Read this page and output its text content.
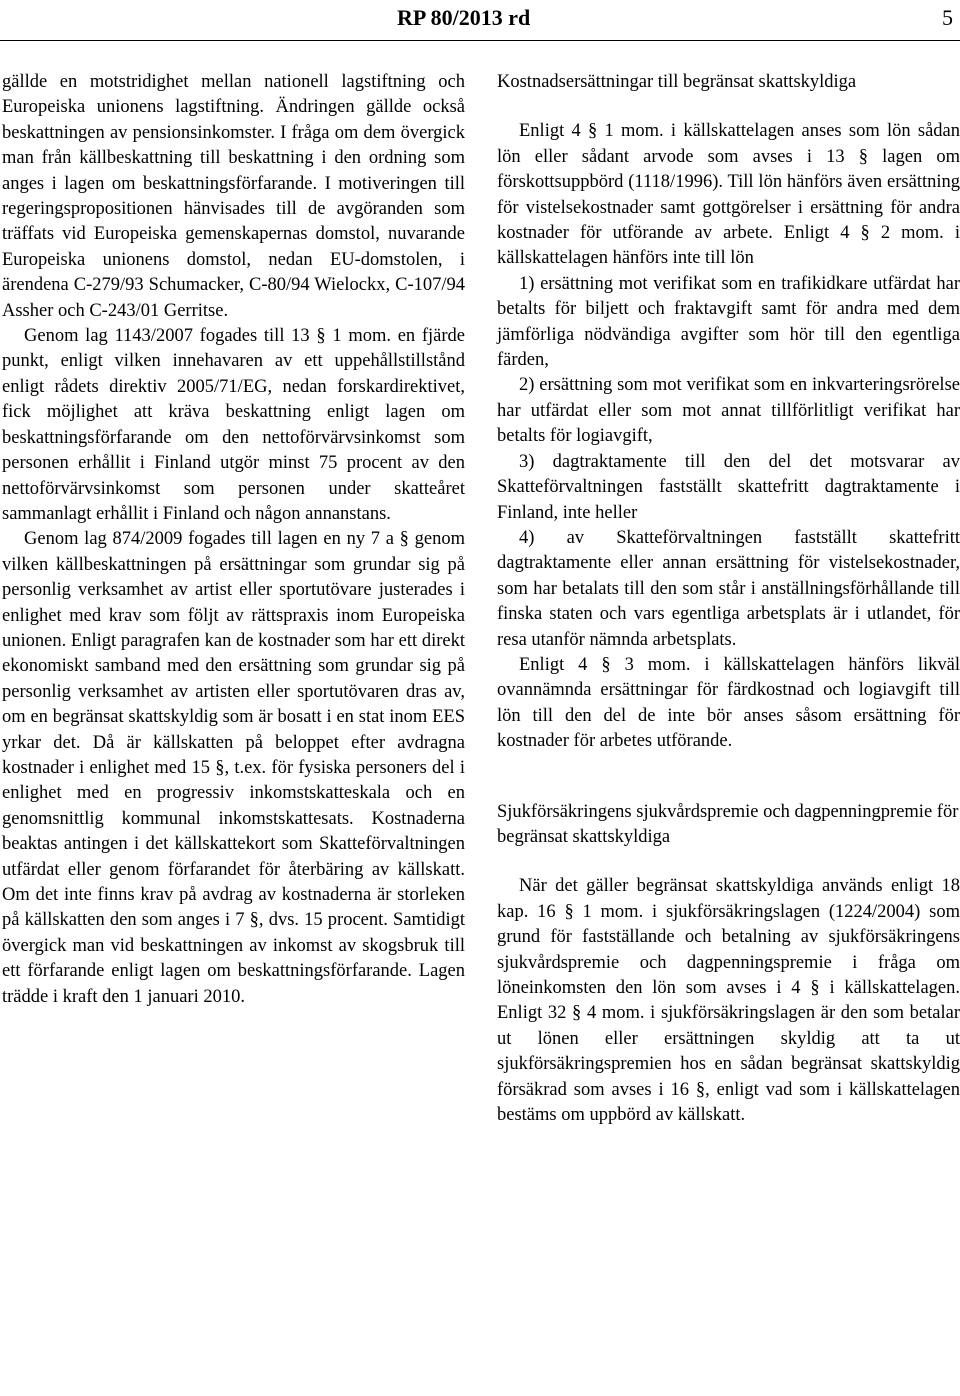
RP 80/2013 rd	5

gällde en motstridighet mellan nationell lagstiftning och Europeiska unionens lagstiftning. Ändringen gällde också beskattningen av pensionsinkomster. I fråga om dem övergick man från källbeskattning till beskattning i den ordning som anges i lagen om beskattningsförfarande. I motiveringen till regeringspropositionen hänvisades till de avgöranden som träffats vid Europeiska gemenskapernas domstol, nuvarande Europeiska unionens domstol, nedan EU-domstolen, i ärendena C-279/93 Schumacker, C-80/94 Wielockx, C-107/94 Assher och C-243/01 Gerritse.

Genom lag 1143/2007 fogades till 13 § 1 mom. en fjärde punkt, enligt vilken innehavaren av ett uppehållstillstånd enligt rådets direktiv 2005/71/EG, nedan forskardirektivet, fick möjlighet att kräva beskattning enligt lagen om beskattningsförfarande om den nettoförvärvsinkomst som personen erhållit i Finland utgör minst 75 procent av den nettoförvärvsinkomst som personen under skatteåret sammanlagt erhållit i Finland och någon annanstans.

Genom lag 874/2009 fogades till lagen en ny 7 a § genom vilken källbeskattningen på ersättningar som grundar sig på personlig verksamhet av artist eller sportutövare justerades i enlighet med krav som följt av rättspraxis inom Europeiska unionen. Enligt paragrafen kan de kostnader som har ett direkt ekonomiskt samband med den ersättning som grundar sig på personlig verksamhet av artisten eller sportutövaren dras av, om en begränsat skattskyldig som är bosatt i en stat inom EES yrkar det. Då är källskatten på beloppet efter avdragna kostnader i enlighet med 15 §, t.ex. för fysiska personers del i enlighet med en progressiv inkomstskatteskala och en genomsnittlig kommunal inkomstskattesats. Kostnaderna beaktas antingen i det källskattekort som Skatteförvaltningen utfärdat eller genom förfarandet för återbäring av källskatt. Om det inte finns krav på avdrag av kostnaderna är storleken på källskatten den som anges i 7 §, dvs. 15 procent. Samtidigt övergick man vid beskattningen av inkomst av skogsbruk till ett förfarande enligt lagen om beskattningsförfarande. Lagen trädde i kraft den 1 januari 2010.

Kostnadsersättningar till begränsat skattskyldiga

Enligt 4 § 1 mom. i källskattelagen anses som lön sådan lön eller sådant arvode som avses i 13 § lagen om förskottsuppbörd (1118/1996). Till lön hänförs även ersättning för vistelsekostnader samt gottgörelser i ersättning för andra kostnader för utförande av arbete. Enligt 4 § 2 mom. i källskattelagen hänförs inte till lön

1) ersättning mot verifikat som en trafikidkare utfärdat har betalts för biljett och fraktavgift samt för andra med dem jämförliga nödvändiga avgifter som hör till den egentliga färden,

2) ersättning som mot verifikat som en inkvarteringsrörelse har utfärdat eller som mot annat tillförlitligt verifikat har betalts för logiavgift,

3) dagtraktamente till den del det motsvarar av Skatteförvaltningen fastställt skattefritt dagtraktamente i Finland, inte heller

4) av Skatteförvaltningen fastställt skattefritt dagtraktamente eller annan ersättning för vistelsekostnader, som har betalats till den som står i anställningsförhållande till finska staten och vars egentliga arbetsplats är i utlandet, för resa utanför nämnda arbetsplats.

Enligt 4 § 3 mom. i källskattelagen hänförs likväl ovannämnda ersättningar för färdkostnad och logiavgift till lön till den del de inte bör anses såsom ersättning för kostnader för arbetes utförande.

Sjukförsäkringens sjukvårdspremie och dagpenningpremie för begränsat skattskyldiga

När det gäller begränsat skattskyldiga används enligt 18 kap. 16 § 1 mom. i sjukförsäkringslagen (1224/2004) som grund för fastställande och betalning av sjukförsäkringens sjukvårdspremie och dagpenningspremie i fråga om löneinkomsten den lön som avses i 4 § i källskattelagen. Enligt 32 § 4 mom. i sjukförsäkringslagen är den som betalar ut lönen eller ersättningen skyldig att ta ut sjukförsäkringspremien hos en sådan begränsat skattskyldig försäkrad som avses i 16 §, enligt vad som i källskattelagen bestäms om uppbörd av källskatt.
